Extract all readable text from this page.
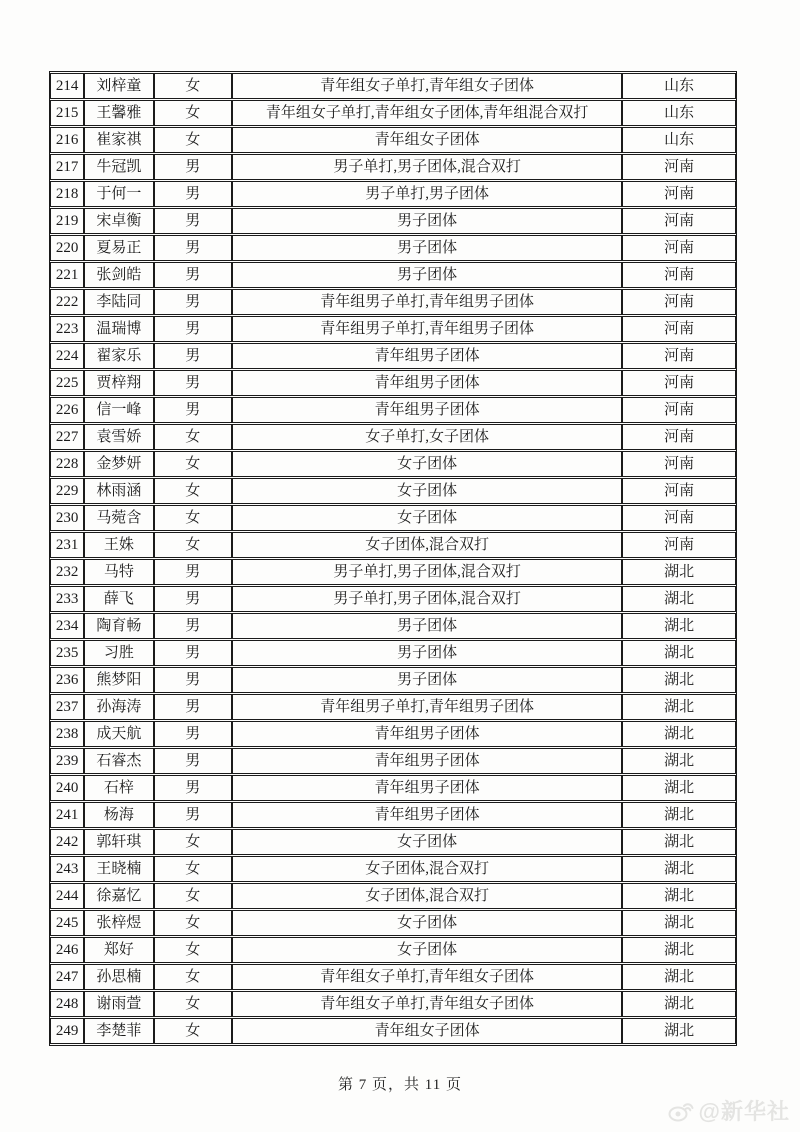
214	刘梓童	女	青年组女子单打,青年组女子团体	山东
215	王馨雅	女	青年组女子单打,青年组女子团体,青年组混合双打	山东
216	崔家祺	女	青年组女子团体	山东
217	牛冠凯	男	男子单打,男子团体,混合双打	河南
218	于何一	男	男子单打,男子团体	河南
219	宋卓衡	男	男子团体	河南
220	夏易正	男	男子团体	河南
221	张剑皓	男	男子团体	河南
222	李陆同	男	青年组男子单打,青年组男子团体	河南
223	温瑞博	男	青年组男子单打,青年组男子团体	河南
224	翟家乐	男	青年组男子团体	河南
225	贾梓翔	男	青年组男子团体	河南
226	信一峰	男	青年组男子团体	河南
227	袁雪娇	女	女子单打,女子团体	河南
228	金梦妍	女	女子团体	河南
229	林雨涵	女	女子团体	河南
230	马菀含	女	女子团体	河南
231	王姝	女	女子团体,混合双打	河南
232	马特	男	男子单打,男子团体,混合双打	湖北
233	薛飞	男	男子单打,男子团体,混合双打	湖北
234	陶育畅	男	男子团体	湖北
235	习胜	男	男子团体	湖北
236	熊梦阳	男	男子团体	湖北
237	孙海涛	男	青年组男子单打,青年组男子团体	湖北
238	成天航	男	青年组男子团体	湖北
239	石睿杰	男	青年组男子团体	湖北
240	石梓	男	青年组男子团体	湖北
241	杨海	男	青年组男子团体	湖北
242	郭轩琪	女	女子团体	湖北
243	王晓楠	女	女子团体,混合双打	湖北
244	徐嘉忆	女	女子团体,混合双打	湖北
245	张梓煜	女	女子团体	湖北
246	郑好	女	女子团体	湖北
247	孙思楠	女	青年组女子单打,青年组女子团体	湖北
248	谢雨萱	女	青年组女子单打,青年组女子团体	湖北
249	李楚菲	女	青年组女子团体	湖北
第 7 页，共 11 页
@新华社
